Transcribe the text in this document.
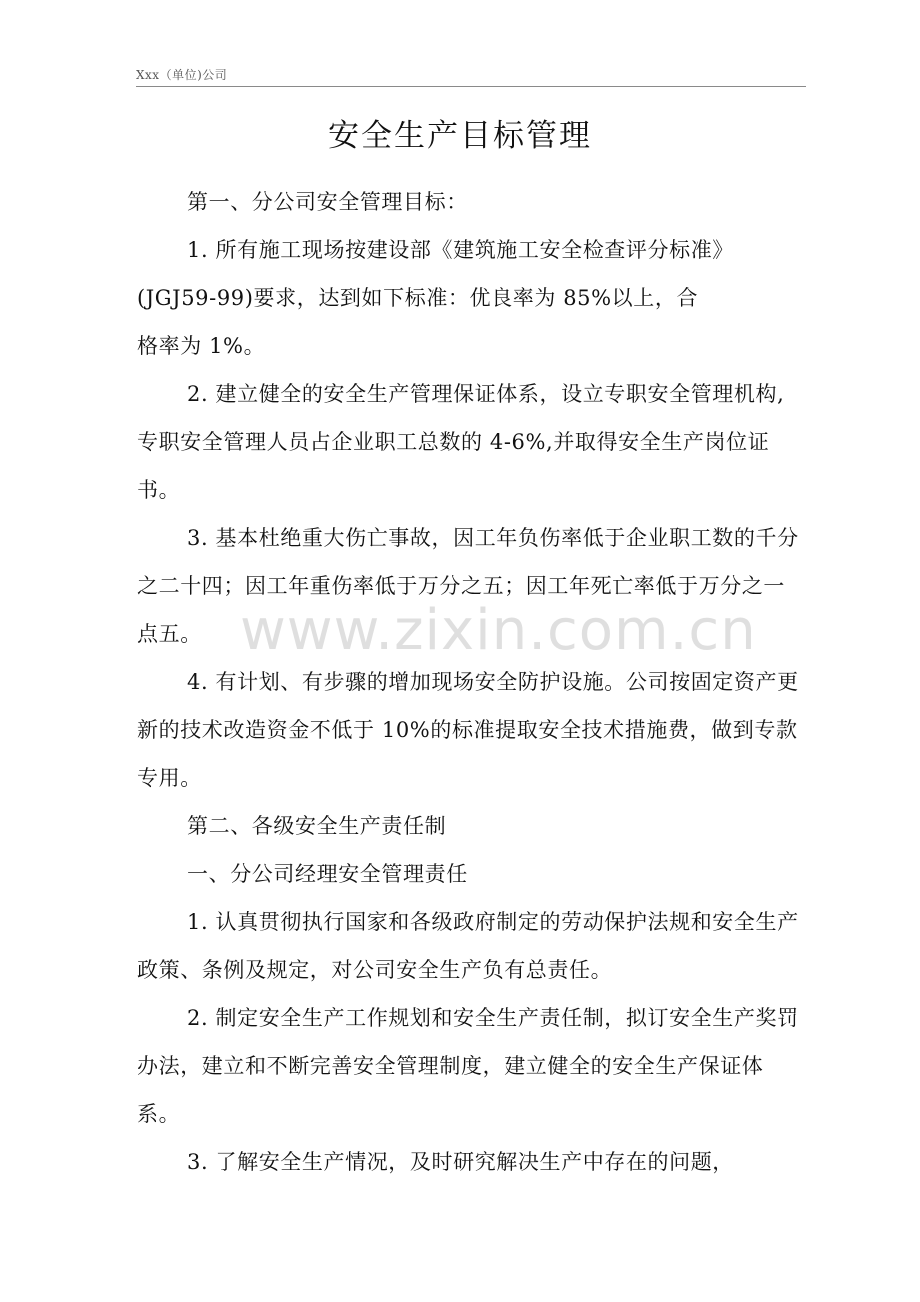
Xxx（单位)公司
安全生产目标管理

第一、分公司安全管理目标：

1. 所有施工现场按建设部《建筑施工安全检查评分标准》
(JGJ59-99)要求，达到如下标准：优良率为 85%以上，合
格率为 1%。

2. 建立健全的安全生产管理保证体系，设立专职安全管理机构,专职安全管理人员占企业职工总数的 4-6%,并取得安全生产岗位证书。

3. 基本杜绝重大伤亡事故，因工年负伤率低于企业职工数的千分之二十四；因工年重伤率低于万分之五；因工年死亡率低于万分之一点五。

4. 有计划、有步骤的增加现场安全防护设施。公司按固定资产更新的技术改造资金不低于 10%的标准提取安全技术措施费，做到专款专用。

第二、各级安全生产责任制

一、分公司经理安全管理责任

1. 认真贯彻执行国家和各级政府制定的劳动保护法规和安全生产政策、条例及规定，对公司安全生产负有总责任。

2. 制定安全生产工作规划和安全生产责任制，拟订安全生产奖罚办法，建立和不断完善安全管理制度，建立健全的安全生产保证体系。

3. 了解安全生产情况，及时研究解决生产中存在的问题，

www.zixin.com.cn
